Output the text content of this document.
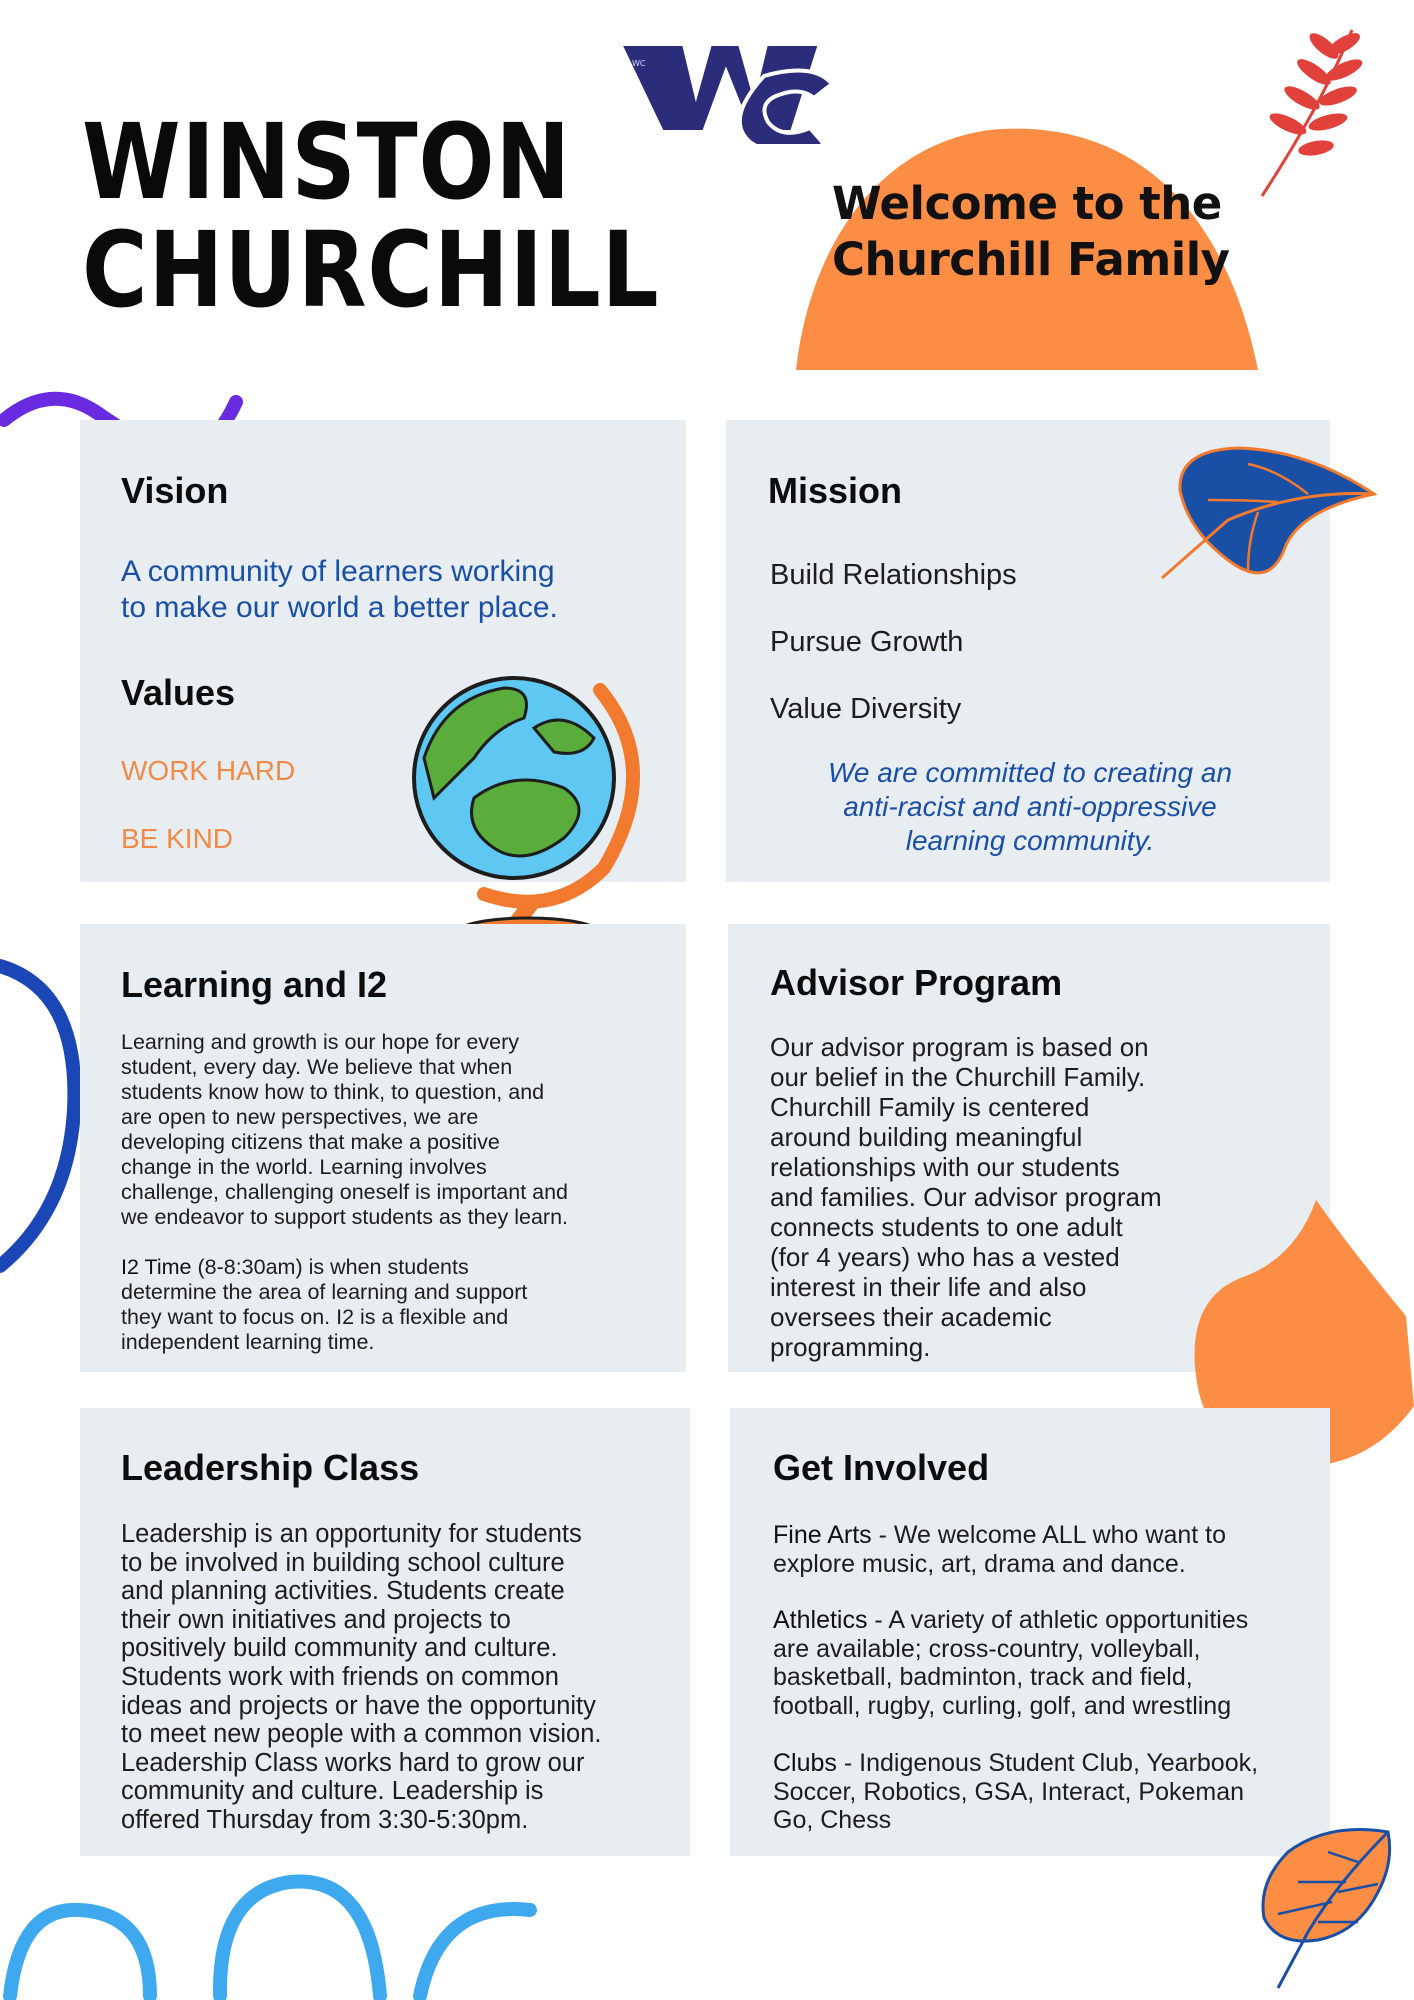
WC
WINSTON
CHURCHILL
Welcome to the
Churchill Family
Vision

A community of learners working
to make our world a better place.

Values

WORK HARD

BE KIND

Mission

Build Relationships

Pursue Growth

Value Diversity

We are committed to creating an
anti-racist and anti-oppressive
learning community.

Learning and I2

Learning and growth is our hope for every
student, every day. We believe that when
students know how to think, to question, and
are open to new perspectives, we are
developing citizens that make a positive
change in the world. Learning involves
challenge, challenging oneself is important and
we endeavor to support students as they learn.

I2 Time (8-8:30am) is when students
determine the area of learning and support
they want to focus on. I2 is a flexible and
independent learning time.

Advisor Program

Our advisor program is based on
our belief in the Churchill Family.
Churchill Family is centered
around building meaningful
relationships with our students
and families. Our advisor program
connects students to one adult
(for 4 years) who has a vested
interest in their life and also
oversees their academic
programming.

Leadership Class

Leadership is an opportunity for students
to be involved in building school culture
and planning activities. Students create
their own initiatives and projects to
positively build community and culture.
Students work with friends on common
ideas and projects or have the opportunity
to meet new people with a common vision.
Leadership Class works hard to grow our
community and culture. Leadership is
offered Thursday from 3:30-5:30pm.

Get Involved

Fine Arts - We welcome ALL who want to
explore music, art, drama and dance.

Athletics - A variety of athletic opportunities
are available; cross-country, volleyball,
basketball, badminton, track and field,
football, rugby, curling, golf, and wrestling

Clubs - Indigenous Student Club, Yearbook,
Soccer, Robotics, GSA, Interact, Pokeman
Go, Chess
